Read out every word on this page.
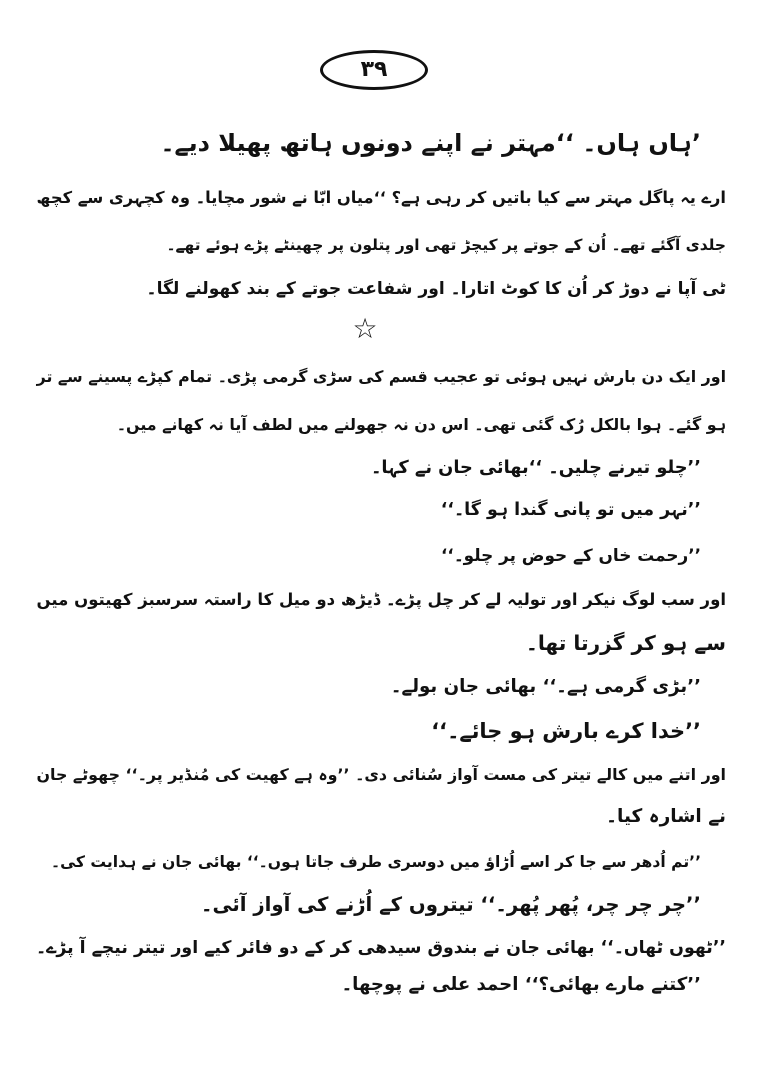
۳۹
’ہاں ہاں۔ ‘‘مہتر نے اپنے دونوں ہاتھ پھیلا دیے۔
ارے یہ پاگل مہتر سے کیا باتیں کر رہی ہے؟ ‘‘میاں ابّا نے شور مچایا۔ وہ کچہری سے کچھ
جلدی آگئے تھے۔ اُن کے جوتے پر کیچڑ تھی اور پتلون پر چھینٹے پڑے ہوئے تھے۔
ٹی آپا نے دوڑ کر اُن کا کوٹ اتارا۔ اور شفاعت جوتے کے بند کھولنے لگا۔
☆
اور ایک دن بارش نہیں ہوئی تو عجیب قسم کی سڑی گرمی پڑی۔ تمام کپڑے پسینے سے تر
ہو گئے۔ ہوا بالکل رُک گئی تھی۔ اس دن نہ جھولنے میں لطف آیا نہ کھانے میں۔
’’چلو تیرنے چلیں۔ ‘‘بھائی جان نے کہا۔
’’نہر میں تو پانی گندا ہو گا۔‘‘
’’رحمت خاں کے حوض پر چلو۔‘‘
اور سب لوگ نیکر اور تولیہ لے کر چل پڑے۔ ڈیڑھ دو میل کا راستہ سرسبز کھیتوں میں
سے ہو کر گزرتا تھا۔
’’بڑی گرمی ہے۔‘‘ بھائی جان بولے۔
’’خدا کرے بارش ہو جائے۔‘‘
اور اتنے میں کالے تیتر کی مست آواز سُنائی دی۔ ’’وہ ہے کھیت کی مُنڈیر پر۔‘‘ چھوٹے جان
نے اشارہ کیا۔
’’تم اُدھر سے جا کر اسے اُڑاؤ میں دوسری طرف جاتا ہوں۔‘‘ بھائی جان نے ہدایت کی۔
’’چر چر چر، پُھر پُھر۔‘‘ تیتروں کے اُڑنے کی آواز آئی۔
’’ٹھوں ٹھاں۔‘‘ بھائی جان نے بندوق سیدھی کر کے دو فائر کیے اور تیتر نیچے آ پڑے۔
’’کتنے مارے بھائی؟‘‘ احمد علی نے پوچھا۔
